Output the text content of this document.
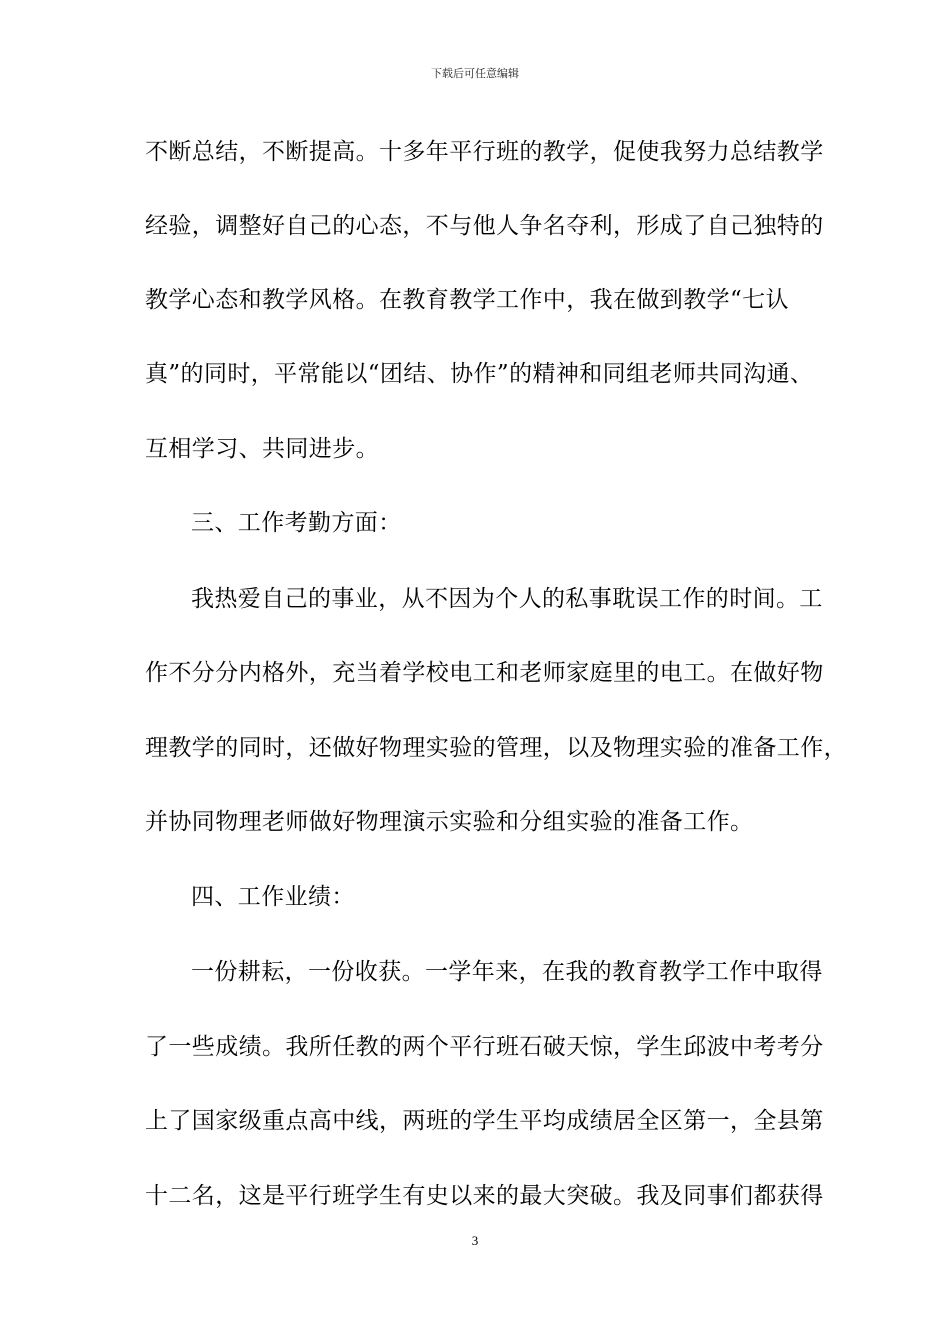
下载后可任意编辑
不断总结，不断提高。十多年平行班的教学，促使我努力总结教学
经验，调整好自己的心态，不与他人争名夺利，形成了自己独特的
教学心态和教学风格。在教育教学工作中，我在做到教学“七认
真”的同时，平常能以“团结、协作”的精神和同组老师共同沟通、
互相学习、共同进步。
三、工作考勤方面：
我热爱自己的事业，从不因为个人的私事耽误工作的时间。工
作不分分内格外，充当着学校电工和老师家庭里的电工。在做好物
理教学的同时，还做好物理实验的管理，以及物理实验的准备工作，
并协同物理老师做好物理演示实验和分组实验的准备工作。
四、工作业绩：
一份耕耘，一份收获。一学年来，在我的教育教学工作中取得
了一些成绩。我所任教的两个平行班石破天惊，学生邱波中考考分
上了国家级重点高中线，两班的学生平均成绩居全区第一，全县第
十二名，这是平行班学生有史以来的最大突破。我及同事们都获得
3
